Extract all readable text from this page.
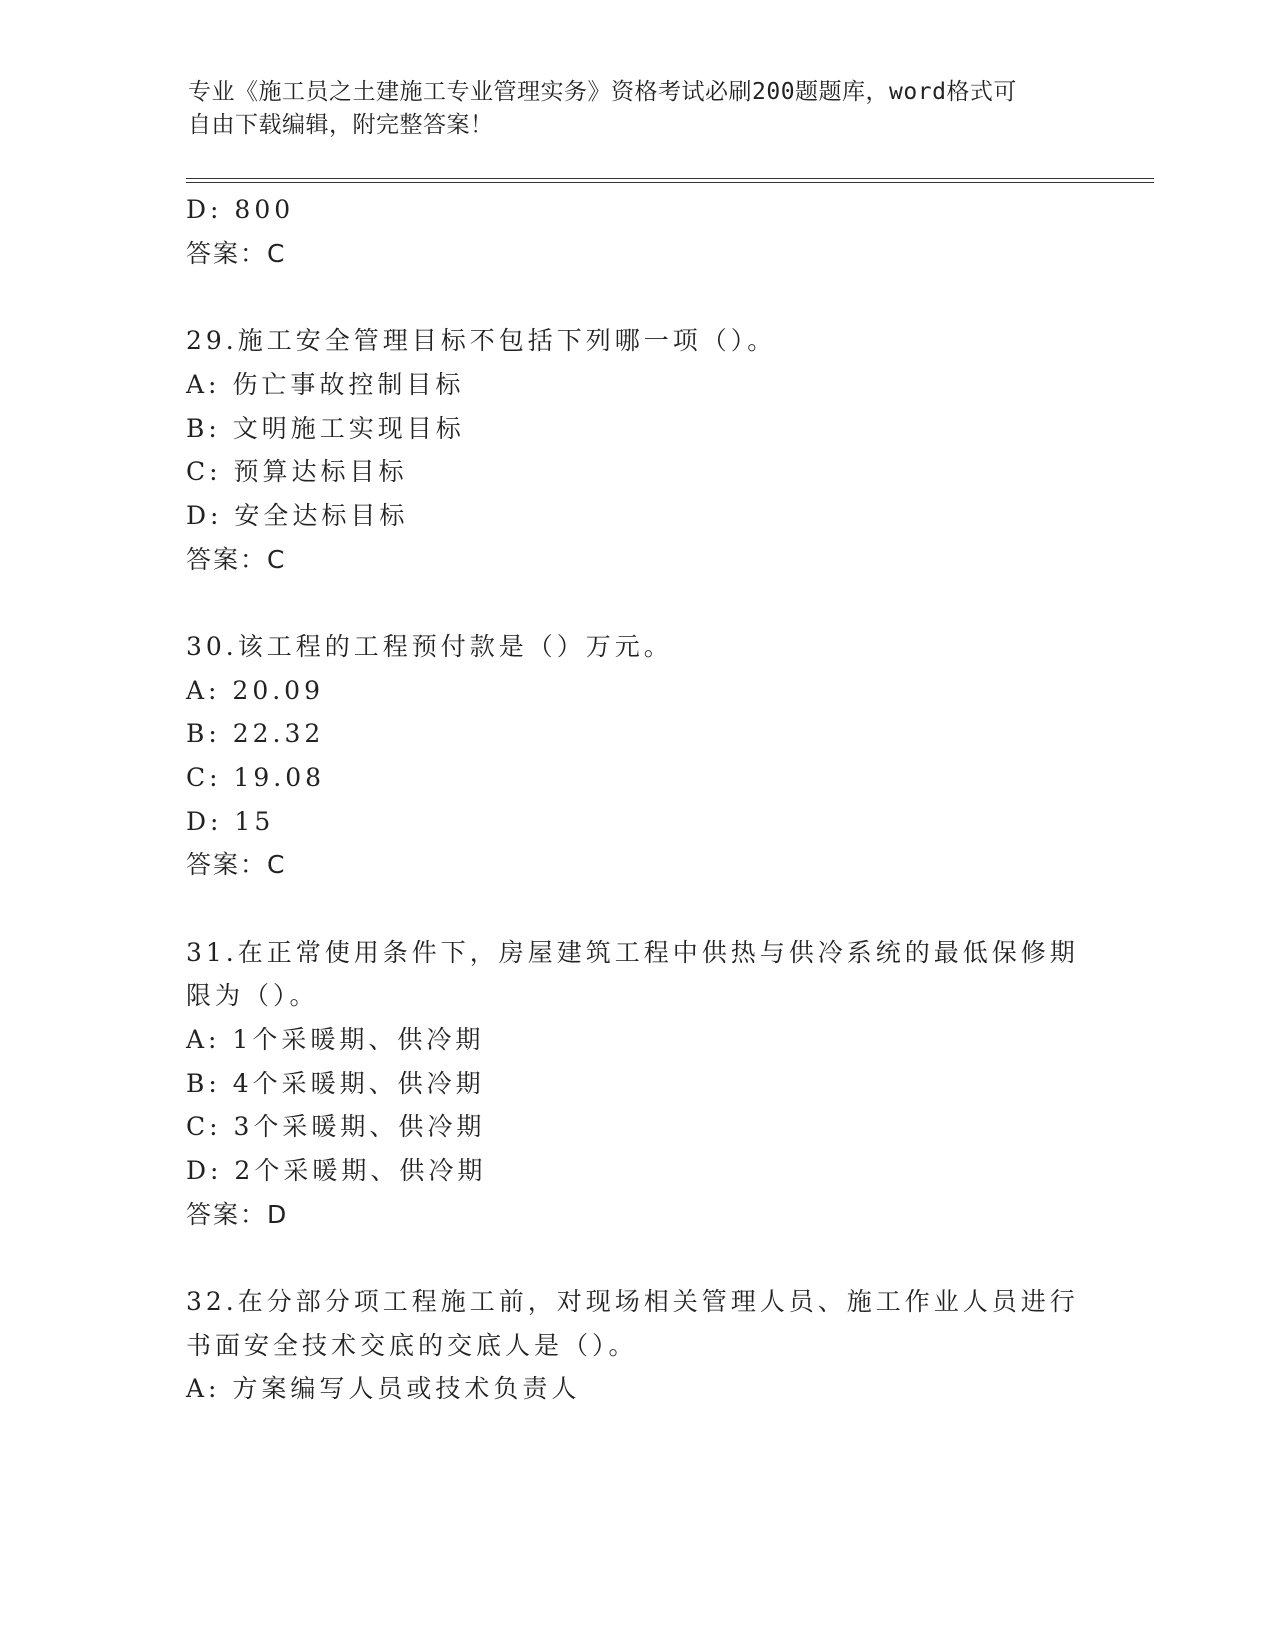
专业《施工员之土建施工专业管理实务》资格考试必刷200题题库，word格式可
自由下载编辑，附完整答案！
D: 800
答案：C
29.施工安全管理目标不包括下列哪一项（）。
A: 伤亡事故控制目标
B: 文明施工实现目标
C: 预算达标目标
D: 安全达标目标
答案：C
30.该工程的工程预付款是（）万元。
A: 20.09
B: 22.32
C: 19.08
D: 15
答案：C
31.在正常使用条件下，房屋建筑工程中供热与供冷系统的最低保修期
限为（）。
A: 1个采暖期、供冷期
B: 4个采暖期、供冷期
C: 3个采暖期、供冷期
D: 2个采暖期、供冷期
答案：D
32.在分部分项工程施工前，对现场相关管理人员、施工作业人员进行
书面安全技术交底的交底人是（）。
A: 方案编写人员或技术负责人
